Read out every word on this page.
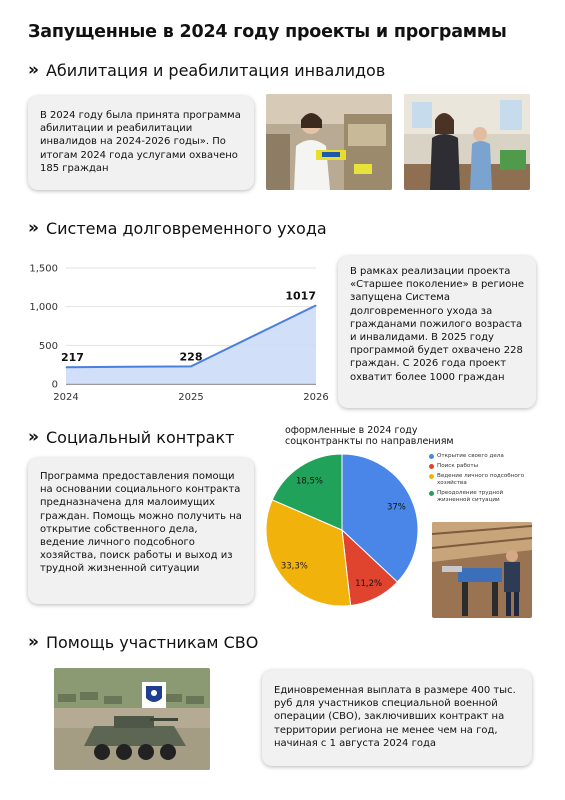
Запущенные в 2024 году проекты и программы
» Абилитация и реабилитация инвалидов
В 2024 году была принята программа абилитации и реабилитации инвалидов на 2024-2026 годы». По итогам 2024 года услугами охвачено 185 граждан
» Система долговременного ухода
0
500
1,000
1,500
217	228
1017
2024	2025	2026
В рамках реализации проекта «Старшее поколение» в регионе запущена Система долговременного ухода за гражданами пожилого возраста и инвалидами. В 2025 году программой будет охвачено 228 граждан. С 2026 года проект охватит более 1000 граждан
» Социальный контракт
Программа предоставления помощи на основании социального контракта предназначена для малоимущих граждан. Помощь можно получить на открытие собственного дела, ведение личного подсобного хозяйства, поиск работы и выход из трудной жизненной ситуации
оформленные в 2024 году соцконтранкты по направлениям
37%
11,2%
33,3%
18,5%
Открытие своего дела
Поиск работы
Ведение личного подсобного хозяйства
Преодоление трудной жизненной ситуации
» Помощь участникам СВО
Единовременная выплата в размере 400 тыс. руб для участников специальной военной операции (СВО), заключивших контракт на территории региона не менее чем на год, начиная с 1 августа 2024 года
